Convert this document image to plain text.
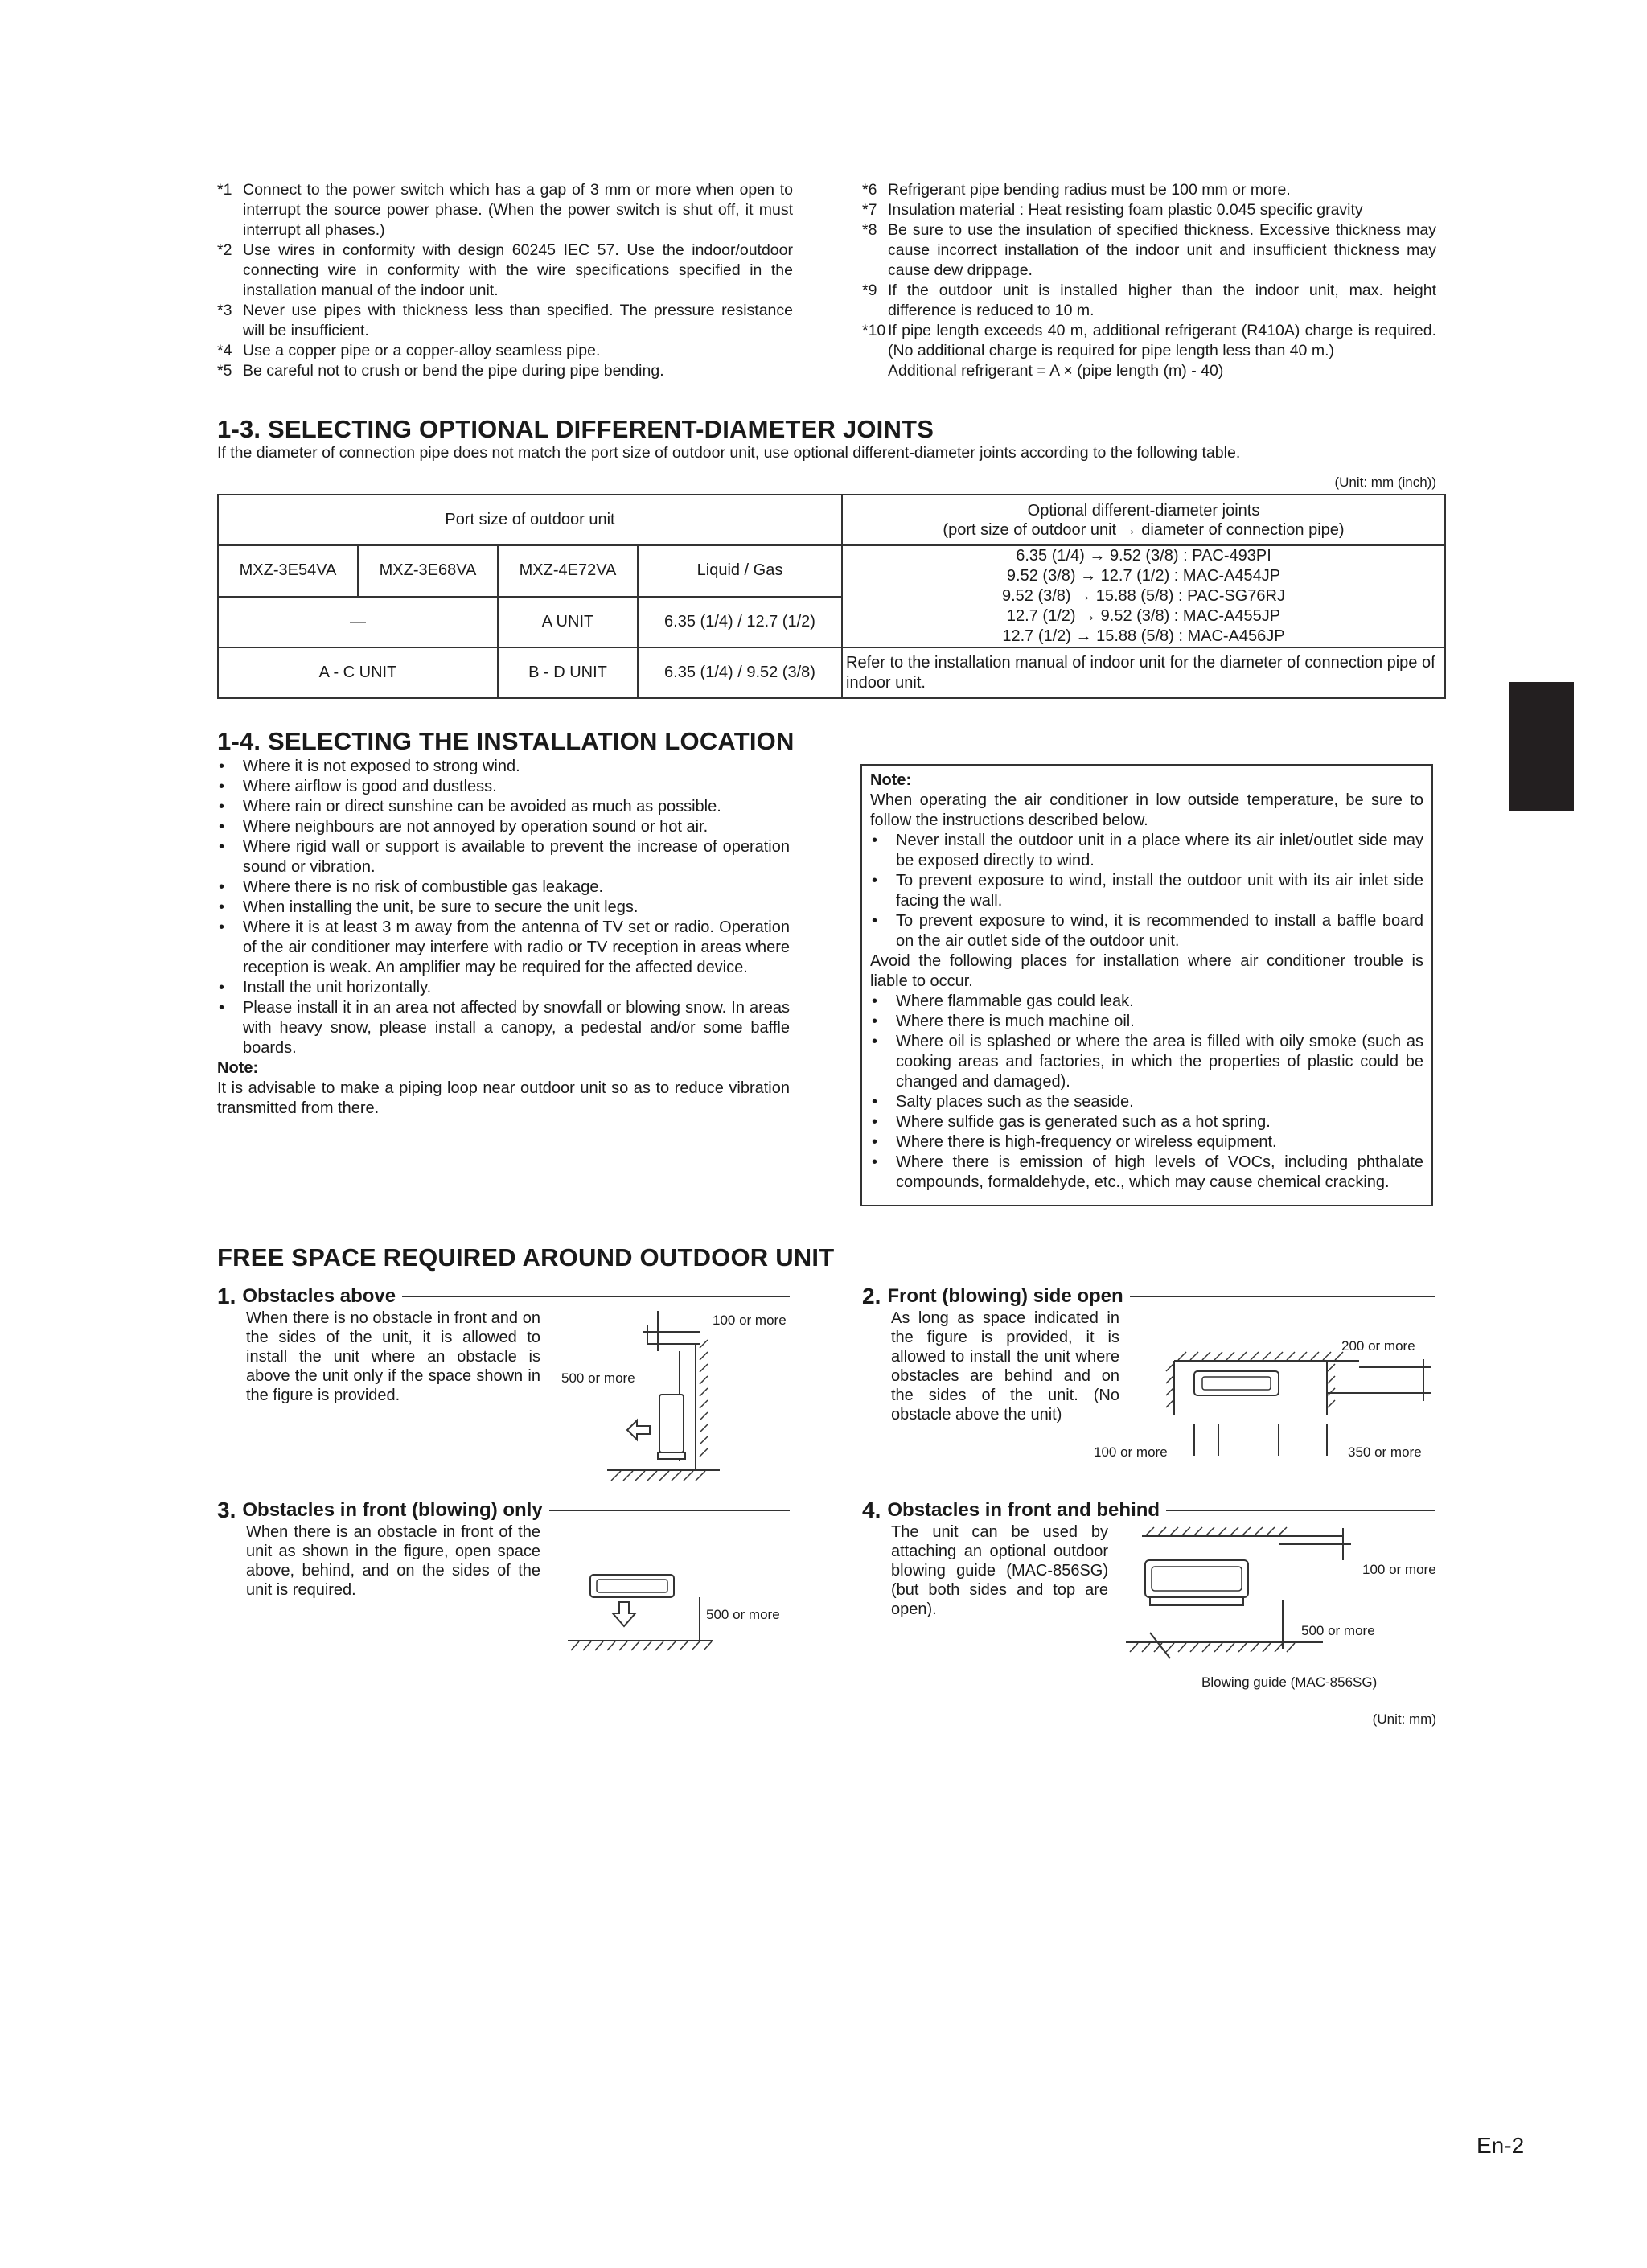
*1 Connect to the power switch which has a gap of 3 mm or more when open to interrupt the source power phase. (When the power switch is shut off, it must interrupt all phases.)
*2 Use wires in conformity with design 60245 IEC 57. Use the indoor/outdoor connecting wire in conformity with the wire specifications specified in the installation manual of the indoor unit.
*3 Never use pipes with thickness less than specified. The pressure resistance will be insufficient.
*4 Use a copper pipe or a copper-alloy seamless pipe.
*5 Be careful not to crush or bend the pipe during pipe bending.
*6 Refrigerant pipe bending radius must be 100 mm or more.
*7 Insulation material : Heat resisting foam plastic 0.045 specific gravity
*8 Be sure to use the insulation of specified thickness. Excessive thickness may cause incorrect installation of the indoor unit and insufficient thickness may cause dew drippage.
*9 If the outdoor unit is installed higher than the indoor unit, max. height difference is reduced to 10 m.
*10 If pipe length exceeds 40 m, additional refrigerant (R410A) charge is required. (No additional charge is required for pipe length less than 40 m.)
Additional refrigerant = A × (pipe length (m) - 40)
1-3. SELECTING OPTIONAL DIFFERENT-DIAMETER JOINTS
If the diameter of connection pipe does not match the port size of outdoor unit, use optional different-diameter joints according to the following table.
(Unit: mm (inch))
Port size of outdoor unit				Optional different-diameter joints
(port size of outdoor unit → diameter of connection pipe)

MXZ-3E54VA	MXZ-3E68VA	MXZ-4E72VA	Liquid / Gas	6.35 (1/4) → 9.52 (3/8) : PAC-493PI
9.52 (3/8) → 12.7 (1/2) : MAC-A454JP
9.52 (3/8) → 15.88 (5/8) : PAC-SG76RJ
12.7 (1/2) → 9.52 (3/8) : MAC-A455JP
12.7 (1/2) → 15.88 (5/8) : MAC-A456JP

—		A UNIT	6.35 (1/4) / 12.7 (1/2)	
A - C UNIT		B - D UNIT	6.35 (1/4) / 9.52 (3/8)	Refer to the installation manual of indoor unit for the diameter of connection pipe of indoor unit.
1-4. SELECTING THE INSTALLATION LOCATION
•	Where it is not exposed to strong wind.
•	Where airflow is good and dustless.
•	Where rain or direct sunshine can be avoided as much as possible.
•	Where neighbours are not annoyed by operation sound or hot air.
•	Where rigid wall or support is available to prevent the increase of operation sound or vibration.
•	Where there is no risk of combustible gas leakage.
•	When installing the unit, be sure to secure the unit legs.
•	Where it is at least 3 m away from the antenna of TV set or radio. Operation of the air conditioner may interfere with radio or TV reception in areas where reception is weak. An amplifier may be required for the affected device.
•	Install the unit horizontally.
•	Please install it in an area not affected by snowfall or blowing snow. In areas with heavy snow, please install a canopy, a pedestal and/or some baffle boards.
Note:
It is advisable to make a piping loop near outdoor unit so as to reduce vibration transmitted from there.
Note:
When operating the air conditioner in low outside temperature, be sure to follow the instructions described below.
•	Never install the outdoor unit in a place where its air inlet/outlet side may be exposed directly to wind.
•	To prevent exposure to wind, install the outdoor unit with its air inlet side facing the wall.
•	To prevent exposure to wind, it is recommended to install a baffle board on the air outlet side of the outdoor unit.
Avoid the following places for installation where air conditioner trouble is liable to occur.
•	Where flammable gas could leak.
•	Where there is much machine oil.
•	Where oil is splashed or where the area is filled with oily smoke (such as cooking areas and factories, in which the properties of plastic could be changed and damaged).
•	Salty places such as the seaside.
•	Where sulfide gas is generated such as a hot spring.
•	Where there is high-frequency or wireless equipment.
•	Where there is emission of high levels of VOCs, including phthalate compounds, formaldehyde, etc., which may cause chemical cracking.
FREE SPACE REQUIRED AROUND OUTDOOR UNIT
1. Obstacles above
When there is no obstacle in front and on the sides of the unit, it is allowed to install the unit where an obstacle is above the unit only if the space shown in the figure is provided.
100 or more
500 or more
2. Front (blowing) side open
As long as space indicated in the figure is provided, it is allowed to install the unit where obstacles are behind and on the sides of the unit. (No obstacle above the unit)
200 or more
100 or more	350 or more
3. Obstacles in front (blowing) only
When there is an obstacle in front of the unit as shown in the figure, open space above, behind, and on the sides of the unit is required.
500 or more
4. Obstacles in front and behind
The unit can be used by attaching an optional outdoor blowing guide (MAC-856SG) (but both sides and top are open).
100 or more
500 or more
Blowing guide (MAC-856SG)
(Unit: mm)
En-2
